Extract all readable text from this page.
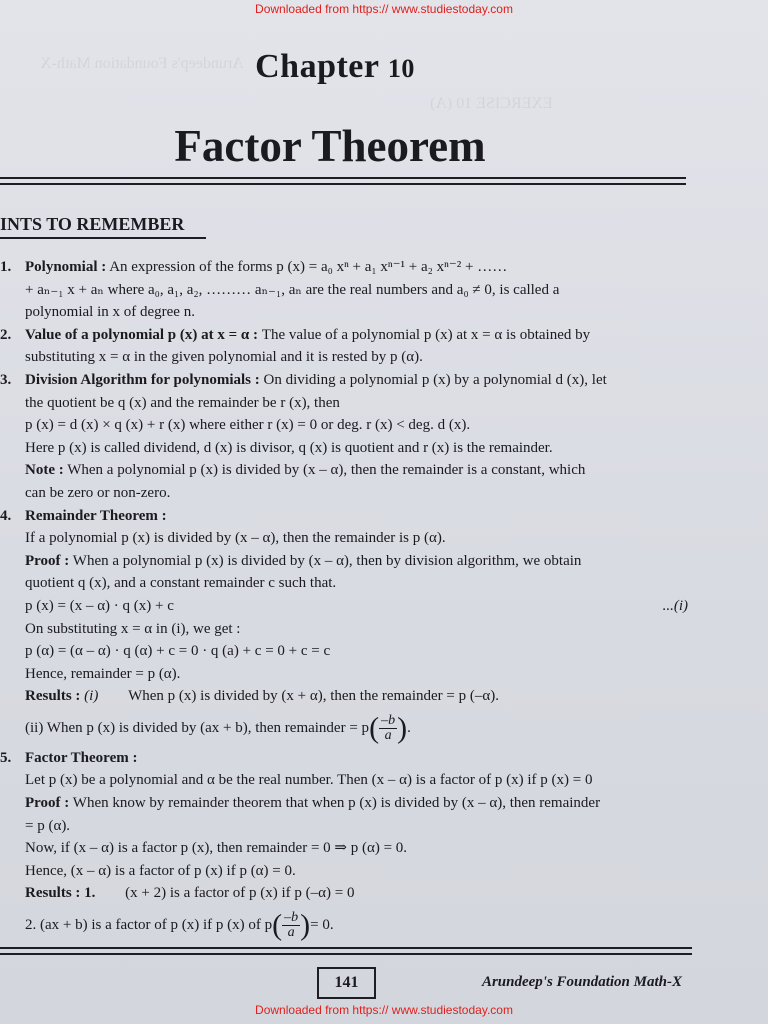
EXERCISE 10 (A)
Arundeep's Foundation Math-X
Downloaded from https:// www.studiestoday.com
Chapter 10
Factor Theorem
INTS TO REMEMBER
1. Polynomial : An expression of the forms p (x) = a₀ xⁿ + a₁ xⁿ⁻¹ + a₂ xⁿ⁻² + ……
+ aₙ₋₁ x + aₙ where a₀, a₁, a₂, ……… aₙ₋₁, aₙ are the real numbers and a₀ ≠ 0, is called a
polynomial in x of degree n.
2. Value of a polynomial p (x) at x = α : The value of a polynomial p (x) at x = α is obtained by
substituting x = α in the given polynomial and it is rested by p (α).
3. Division Algorithm for polynomials : On dividing a polynomial p (x) by a polynomial d (x), let
the quotient be q (x) and the remainder be r (x), then
p (x) = d (x) × q (x) + r (x) where either r (x) = 0 or deg. r (x) < deg. d (x).
Here p (x) is called dividend, d (x) is divisor, q (x) is quotient and r (x) is the remainder.
Note : When a polynomial p (x) is divided by (x – α), then the remainder is a constant, which
can be zero or non-zero.
4. Remainder Theorem :
If a polynomial p (x) is divided by (x – α), then the remainder is p (α).
Proof : When a polynomial p (x) is divided by (x – α), then by division algorithm, we obtain
quotient q (x), and a constant remainder c such that.
p (x) = (x – α) · q (x) + c	...(i)
On substituting x = α in (i), we get :
p (α) = (α – α) · q (α) + c = 0 · q (a) + c = 0 + c = c
Hence, remainder = p (α).
Results : (i) When p (x) is divided by (x + α), then the remainder = p (–α).
(ii) When p (x) is divided by (ax + b), then remainder = $p( \frac{-b}{a}$ ).
5. Factor Theorem :
Let p (x) be a polynomial and α be the real number. Then (x – α) is a factor of p (x) if p (x) = 0
Proof : When know by remainder theorem that when p (x) is divided by (x – α), then remainder
= p (α).
Now, if (x – α) is a factor p (x), then remainder = 0 ⇒ p (α) = 0.
Hence, (x – α) is a factor of p (x) if p (α) = 0.
Results : 1. (x + 2) is a factor of p (x) if p (–α) = 0
2. (ax + b) is a factor of p (x) if p (x) of $p( \frac{-b}{a}$ )= 0.
141	Arundeep's Foundation Math-X
Downloaded from https:// www.studiestoday.com
